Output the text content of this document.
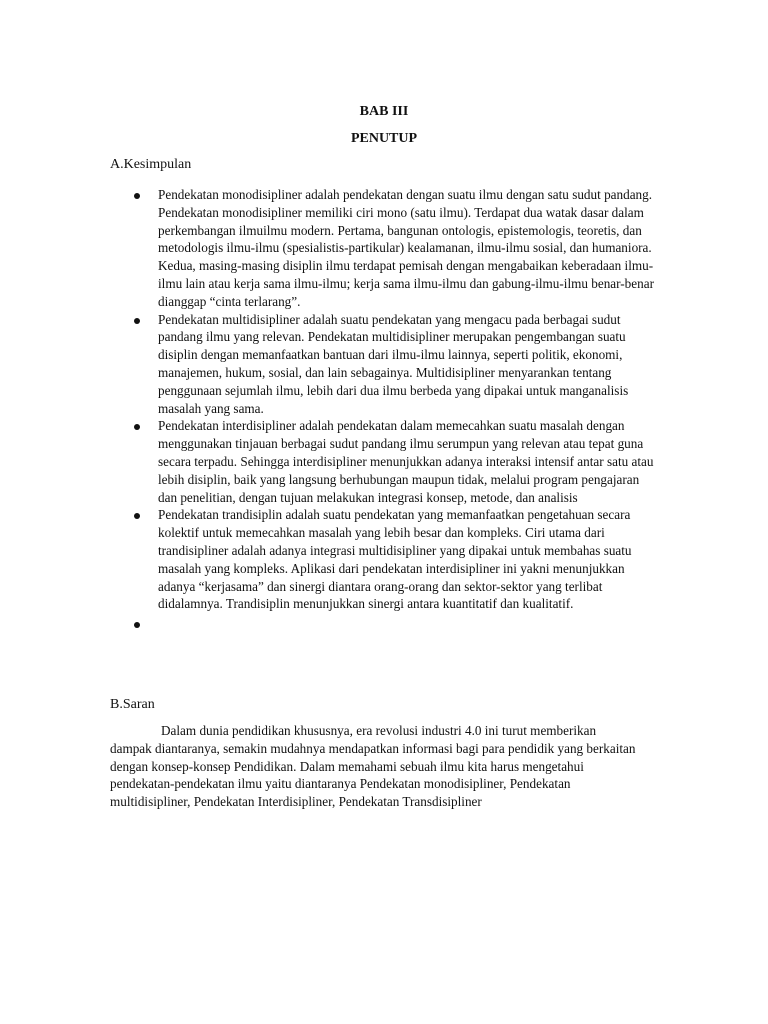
BAB III
PENUTUP
A.Kesimpulan
Pendekatan monodisipliner adalah pendekatan dengan suatu ilmu dengan satu sudut pandang. Pendekatan monodisipliner memiliki ciri mono (satu ilmu). Terdapat dua watak dasar dalam perkembangan ilmuilmu modern. Pertama, bangunan ontologis, epistemologis, teoretis, dan metodologis ilmu-ilmu (spesialistis-partikular) kealamanan, ilmu-ilmu sosial, dan humaniora. Kedua, masing-masing disiplin ilmu terdapat pemisah dengan mengabaikan keberadaan ilmu-ilmu lain atau kerja sama ilmu-ilmu; kerja sama ilmu-ilmu dan gabung-ilmu-ilmu benar-benar dianggap “cinta terlarang”.
Pendekatan multidisipliner adalah suatu pendekatan yang mengacu pada berbagai sudut pandang ilmu yang relevan. Pendekatan multidisipliner merupakan pengembangan suatu disiplin dengan memanfaatkan bantuan dari ilmu-ilmu lainnya, seperti politik, ekonomi, manajemen, hukum, sosial, dan lain sebagainya. Multidisipliner menyarankan tentang penggunaan sejumlah ilmu, lebih dari dua ilmu berbeda yang dipakai untuk manganalisis masalah yang sama.
Pendekatan interdisipliner adalah pendekatan dalam memecahkan suatu masalah dengan menggunakan tinjauan berbagai sudut pandang ilmu serumpun yang relevan atau tepat guna secara terpadu. Sehingga interdisipliner menunjukkan adanya interaksi intensif antar satu atau lebih disiplin, baik yang langsung berhubungan maupun tidak, melalui program pengajaran dan penelitian, dengan tujuan melakukan integrasi konsep, metode, dan analisis
Pendekatan trandisiplin adalah suatu pendekatan yang memanfaatkan pengetahuan secara kolektif untuk memecahkan masalah yang lebih besar dan kompleks. Ciri utama dari trandisipliner adalah adanya integrasi multidisipliner yang dipakai untuk membahas suatu masalah yang kompleks. Aplikasi dari pendekatan interdisipliner ini yakni menunjukkan adanya “kerjasama” dan sinergi diantara orang-orang dan sektor-sektor yang terlibat didalamnya. Trandisiplin menunjukkan sinergi antara kuantitatif dan kualitatif.
B.Saran
Dalam dunia pendidikan khususnya, era revolusi industri 4.0 ini turut memberikan dampak diantaranya, semakin mudahnya mendapatkan informasi bagi para pendidik yang berkaitan dengan konsep-konsep Pendidikan. Dalam memahami sebuah ilmu kita harus mengetahui pendekatan-pendekatan ilmu yaitu diantaranya Pendekatan monodisipliner, Pendekatan multidisipliner, Pendekatan Interdisipliner, Pendekatan Transdisipliner
